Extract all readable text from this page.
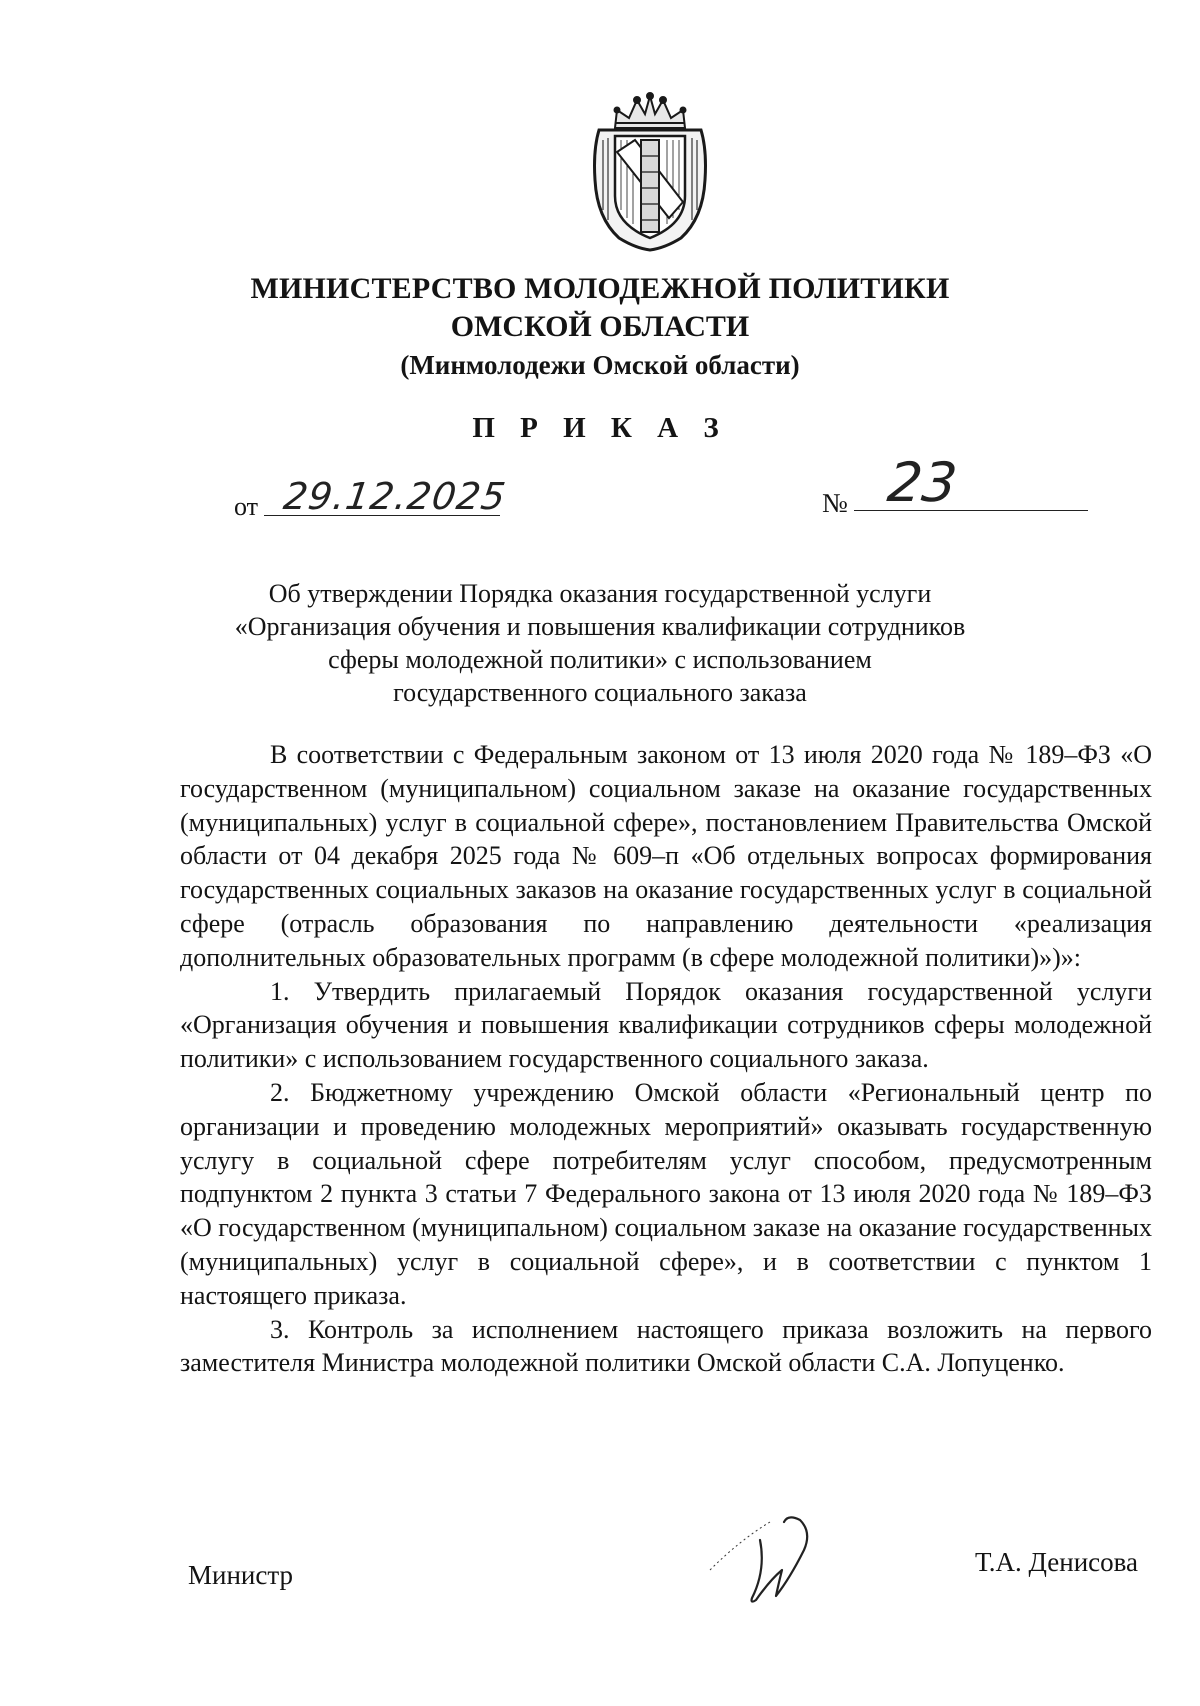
МИНИСТЕРСТВО МОЛОДЕЖНОЙ ПОЛИТИКИ
ОМСКОЙ ОБЛАСТИ
(Минмолодежи Омской области)
П Р И К А З
от 29.12.2025	№ 23
Об утверждении Порядка оказания государственной услуги
«Организация обучения и повышения квалификации сотрудников
сферы молодежной политики» с использованием
государственного социального заказа

В соответствии с Федеральным законом от 13 июля 2020 года № 189–ФЗ «О государственном (муниципальном) социальном заказе на оказание государственных (муниципальных) услуг в социальной сфере», постановлением Правительства Омской области от 04 декабря 2025 года № 609–п «Об отдельных вопросах формирования государственных социальных заказов на оказание государственных услуг в социальной сфере (отрасль образования по направлению деятельности «реализация дополнительных образовательных программ (в сфере молодежной политики)»)»:

1. Утвердить прилагаемый Порядок оказания государственной услуги «Организация обучения и повышения квалификации сотрудников сферы молодежной политики» с использованием государственного социального заказа.

2. Бюджетному учреждению Омской области «Региональный центр по организации и проведению молодежных мероприятий» оказывать государственную услугу в социальной сфере потребителям услуг способом, предусмотренным подпунктом 2 пункта 3 статьи 7 Федерального закона от 13 июля 2020 года № 189–ФЗ «О государственном (муниципальном) социальном заказе на оказание государственных (муниципальных) услуг в социальной сфере», и в соответствии с пунктом 1 настоящего приказа.

3. Контроль за исполнением настоящего приказа возложить на первого заместителя Министра молодежной политики Омской области С.А. Лопуценко.

Министр	Т.А. Денисова
